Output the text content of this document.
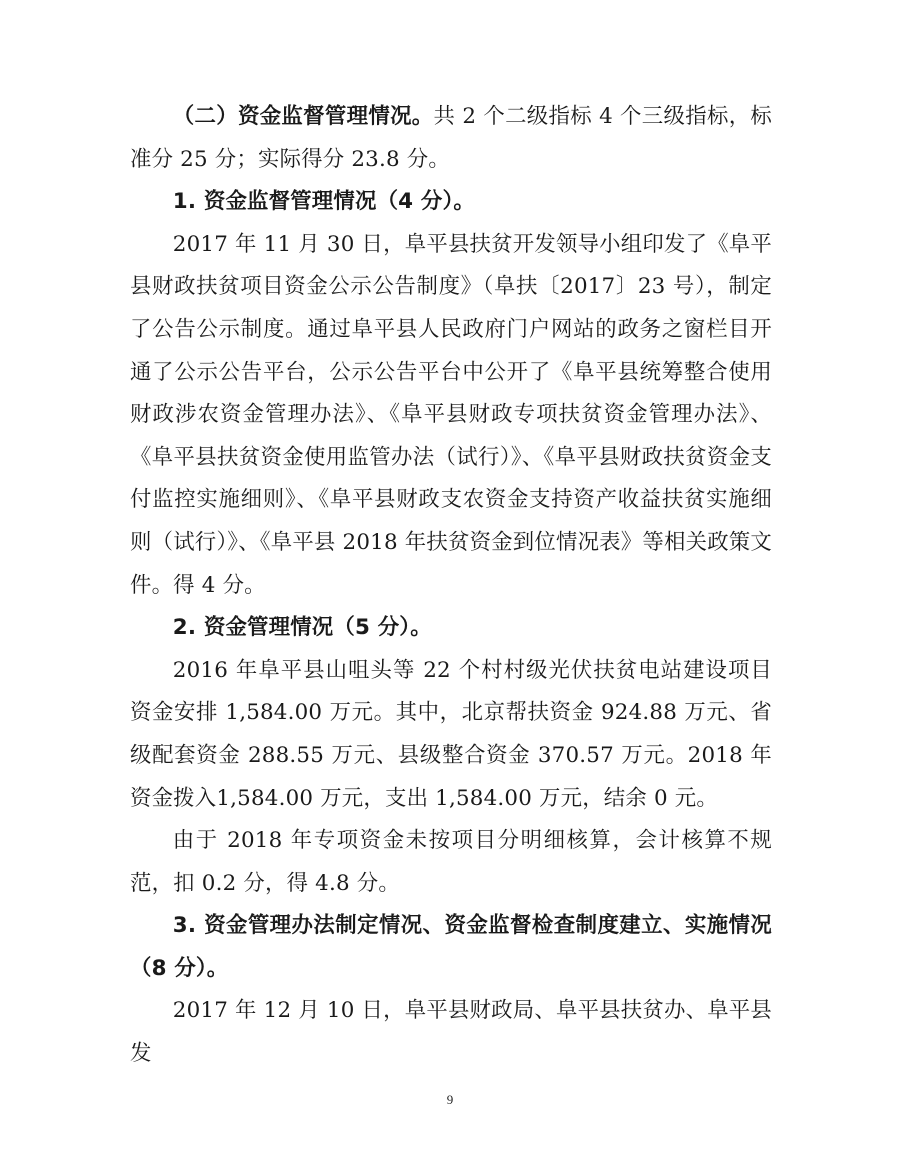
（二）资金监督管理情况。共 2 个二级指标 4 个三级指标，标准分 25 分；实际得分 23.8 分。

1. 资金监督管理情况（4 分）。

2017 年 11 月 30 日，阜平县扶贫开发领导小组印发了《阜平县财政扶贫项目资金公示公告制度》（阜扶〔2017〕23 号），制定了公告公示制度。通过阜平县人民政府门户网站的政务之窗栏目开通了公示公告平台，公示公告平台中公开了《阜平县统筹整合使用财政涉农资金管理办法》、《阜平县财政专项扶贫资金管理办法》、《阜平县扶贫资金使用监管办法（试行）》、《阜平县财政扶贫资金支付监控实施细则》、《阜平县财政支农资金支持资产收益扶贫实施细则（试行）》、《阜平县 2018 年扶贫资金到位情况表》等相关政策文件。得 4 分。

2. 资金管理情况（5 分）。

2016 年阜平县山咀头等 22 个村村级光伏扶贫电站建设项目资金安排 1,584.00 万元。其中，北京帮扶资金 924.88 万元、省级配套资金 288.55 万元、县级整合资金 370.57 万元。2018 年资金拨入1,584.00 万元，支出 1,584.00 万元，结余 0 元。

由于 2018 年专项资金未按项目分明细核算，会计核算不规范，扣 0.2 分，得 4.8 分。

3. 资金管理办法制定情况、资金监督检查制度建立、实施情况（8 分）。

2017 年 12 月 10 日，阜平县财政局、阜平县扶贫办、阜平县发

9
